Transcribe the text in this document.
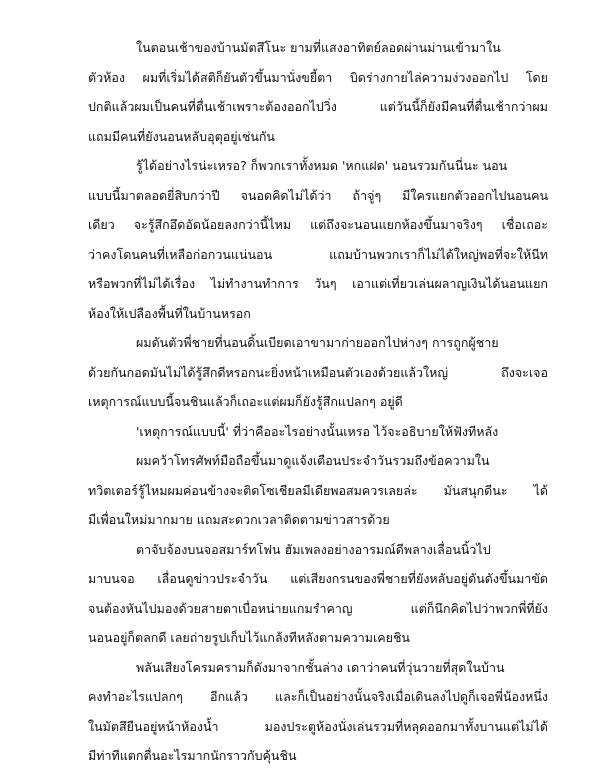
ในตอนเช้าของบ้านมัตสึโนะ ยามที่แสงอาทิตย์ลอดผ่านม่านเข้ามาใน
ตัวห้อง ผมที่เริ่มได้สติก็ยันตัวขึ้นมานั่งขยี้ตา บิดร่างกายไล่ความง่วงออกไป โดย
ปกติแล้วผมเป็นคนที่ตื่นเช้าเพราะต้องออกไปวิ่ง แต่วันนี้ก็ยังมีคนที่ตื่นเช้ากว่าผม
แถมมีคนที่ยังนอนหลับอุตุอยู่เช่นกัน
รู้ได้อย่างไรน่ะเหรอ? ก็พวกเราทั้งหมด 'หกแฝด' นอนรวมกันนี่นะ นอน
แบบนี้มาตลอดยี่สิบกว่าปี จนอดคิดไม่ได้ว่า ถ้าจู่ๆ มีใครแยกตัวออกไปนอนคน
เดียว จะรู้สึกอึดอัดน้อยลงกว่านี้ไหม แต่ถึงจะนอนแยกห้องขึ้นมาจริงๆ เชื่อเถอะ
ว่าคงโดนคนที่เหลือก่อกวนแน่นอน แถมบ้านพวกเราก็ไม่ได้ใหญ่พอที่จะให้นีท
หรือพวกที่ไม่ได้เรื่อง ไม่ทำงานทำการ วันๆ เอาแต่เที่ยวเล่นผลาญเงินได้นอนแยก
ห้องให้เปลืองพื้นที่ในบ้านหรอก
ผมดันตัวพี่ชายที่นอนดิ้นเบียดเอาขามาก่ายออกไปห่างๆ การถูกผู้ชาย
ด้วยกันกอดมันไม่ได้รู้สึกดีหรอกนะยิ่งหน้าเหมือนตัวเองด้วยแล้วใหญ่ ถึงจะเจอ
เหตุการณ์แบบนี้จนชินแล้วก็เถอะแต่ผมก็ยังรู้สึกแปลกๆ อยู่ดี
'เหตุการณ์แบบนี้' ที่ว่าคืออะไรอย่างนั้นเหรอ ไว้จะอธิบายให้ฟังทีหลัง
ผมคว้าโทรศัพท์มือถือขึ้นมาดูแจ้งเตือนประจำวันรวมถึงข้อความใน
ทวิตเตอร์รู้ไหมผมค่อนข้างจะติดโซเชียลมีเดียพอสมควรเลยล่ะ มันสนุกดีนะ ได้
มีเพื่อนใหม่มากมาย แถมสะดวกเวลาติดตามข่าวสารด้วย
ตาจับจ้องบนจอสมาร์ทโฟน ฮัมเพลงอย่างอารมณ์ดีพลางเลื่อนนิ้วไป
มาบนจอ เลื่อนดูข่าวประจำวัน แต่เสียงกรนของพี่ชายที่ยังหลับอยู่ดันดังขึ้นมาขัด
จนต้องหันไปมองด้วยสายตาเบื่อหน่ายแกมรำคาญ แต่ก็นึกคิดไปว่าพวกพี่ที่ยัง
นอนอยู่ก็ตลกดี เลยถ่ายรูปเก็บไว้แกล้งทีหลังตามความเคยชิน
พลันเสียงโครมครามก็ดังมาจากชั้นล่าง เดาว่าคนที่วุ่นวายที่สุดในบ้าน
คงทำอะไรแปลกๆ อีกแล้ว และก็เป็นอย่างนั้นจริงเมื่อเดินลงไปดูก็เจอพี่น้องหนึ่ง
ในมัตสึยืนอยู่หน้าห้องน้ำ มองประตูห้องนั่งเล่นรวมที่หลุดออกมาทั้งบานแต่ไม่ได้
มีท่าทีแตกตื่นอะไรมากนักราวกับคุ้นชิน
